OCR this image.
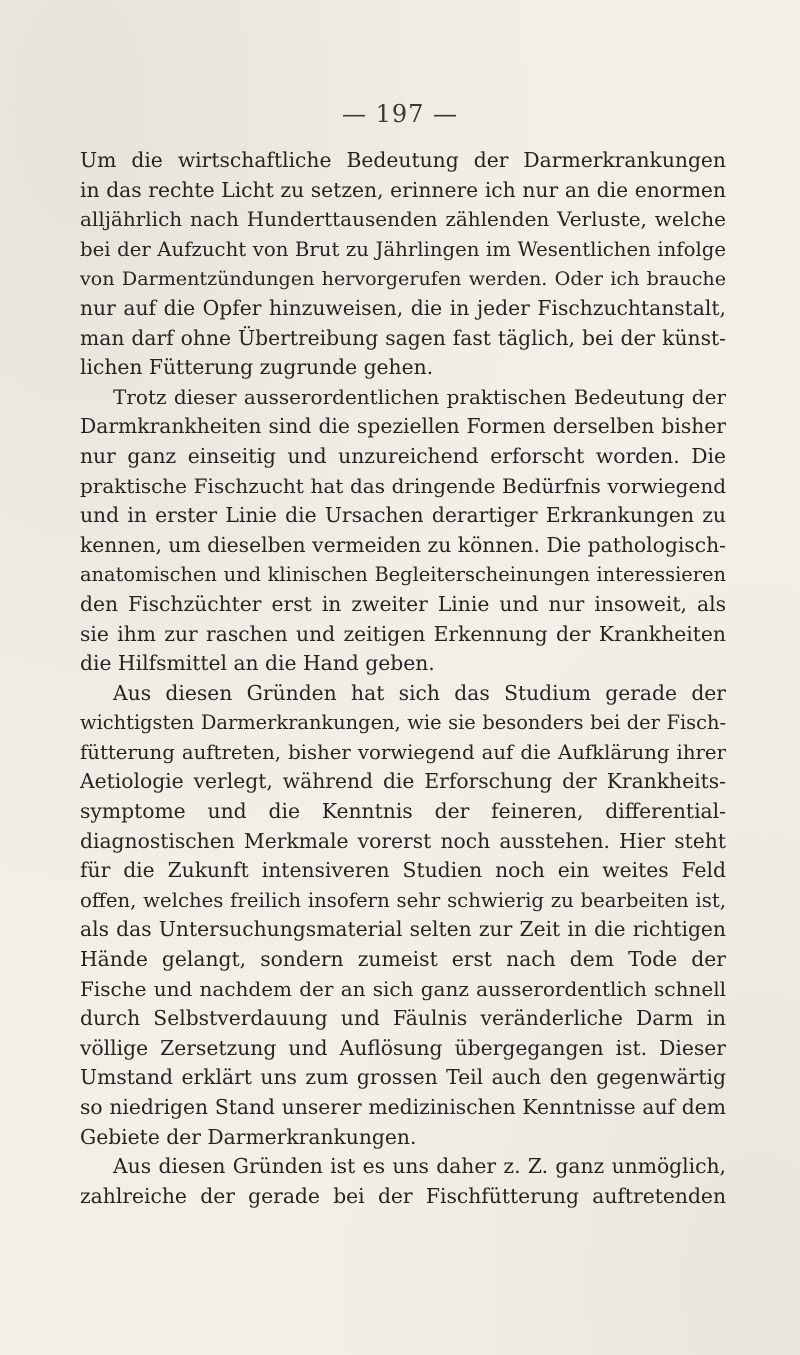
— 197 —
Um die wirtschaftliche Bedeutung der Darmerkrankungen
in das rechte Licht zu setzen, erinnere ich nur an die enormen
alljährlich nach Hunderttausenden zählenden Verluste, welche
bei der Aufzucht von Brut zu Jährlingen im Wesentlichen infolge
von Darmentzündungen hervorgerufen werden. Oder ich brauche
nur auf die Opfer hinzuweisen, die in jeder Fischzuchtanstalt,
man darf ohne Übertreibung sagen fast täglich, bei der künst-
lichen Fütterung zugrunde gehen.
Trotz dieser ausserordentlichen praktischen Bedeutung der
Darmkrankheiten sind die speziellen Formen derselben bisher
nur ganz einseitig und unzureichend erforscht worden. Die
praktische Fischzucht hat das dringende Bedürfnis vorwiegend
und in erster Linie die Ursachen derartiger Erkrankungen zu
kennen, um dieselben vermeiden zu können. Die pathologisch-
anatomischen und klinischen Begleiterscheinungen interessieren
den Fischzüchter erst in zweiter Linie und nur insoweit, als
sie ihm zur raschen und zeitigen Erkennung der Krankheiten
die Hilfsmittel an die Hand geben.
Aus diesen Gründen hat sich das Studium gerade der
wichtigsten Darmerkrankungen, wie sie besonders bei der Fisch-
fütterung auftreten, bisher vorwiegend auf die Aufklärung ihrer
Aetiologie verlegt, während die Erforschung der Krankheits-
symptome und die Kenntnis der feineren, differential-
diagnostischen Merkmale vorerst noch ausstehen. Hier steht
für die Zukunft intensiveren Studien noch ein weites Feld
offen, welches freilich insofern sehr schwierig zu bearbeiten ist,
als das Untersuchungsmaterial selten zur Zeit in die richtigen
Hände gelangt, sondern zumeist erst nach dem Tode der
Fische und nachdem der an sich ganz ausserordentlich schnell
durch Selbstverdauung und Fäulnis veränderliche Darm in
völlige Zersetzung und Auflösung übergegangen ist. Dieser
Umstand erklärt uns zum grossen Teil auch den gegenwärtig
so niedrigen Stand unserer medizinischen Kenntnisse auf dem
Gebiete der Darmerkrankungen.
Aus diesen Gründen ist es uns daher z. Z. ganz unmöglich,
zahlreiche der gerade bei der Fischfütterung auftretenden
